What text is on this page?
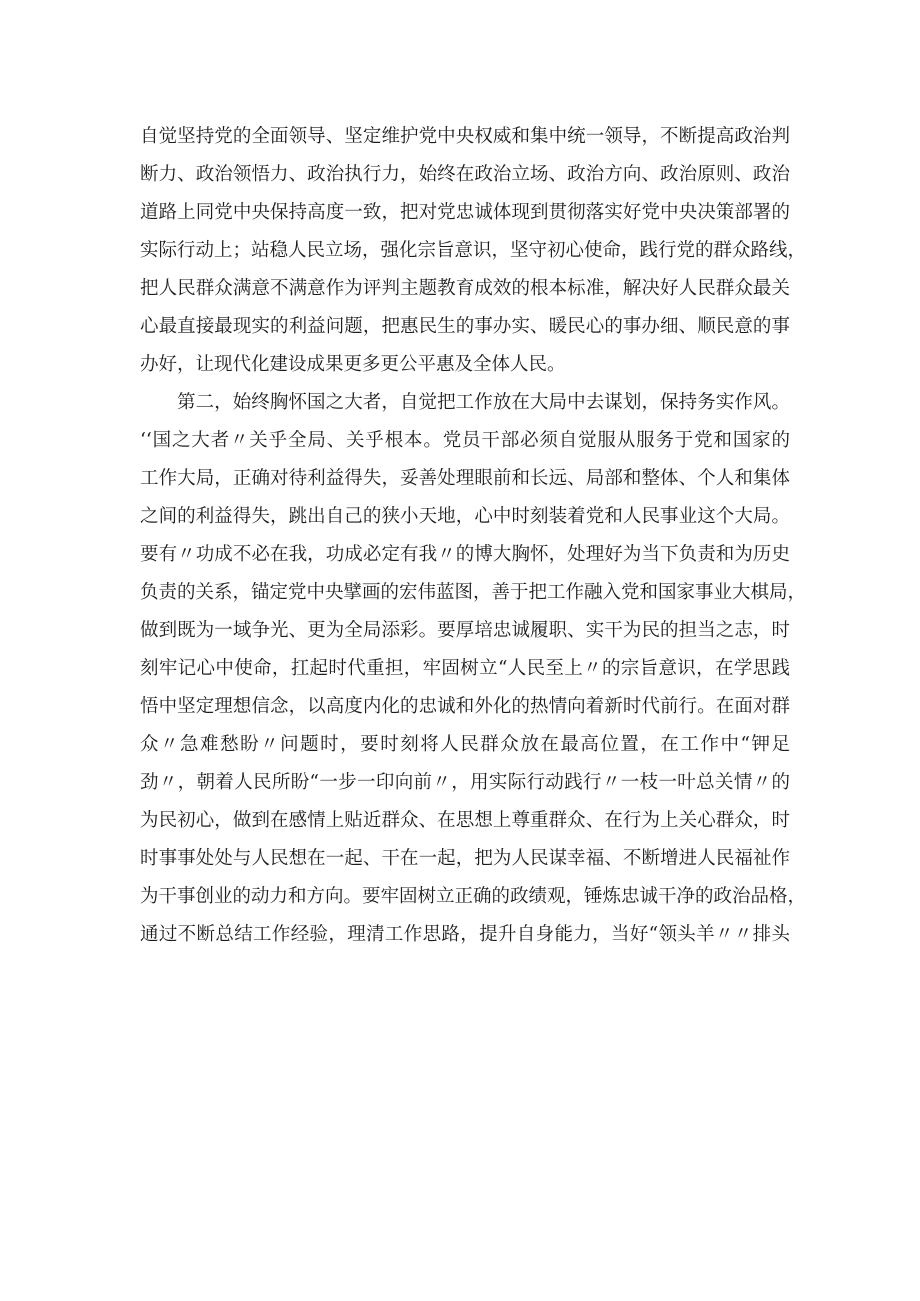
自觉坚持党的全面领导、坚定维护党中央权威和集中统一领导，不断提高政治判
断力、政治领悟力、政治执行力，始终在政治立场、政治方向、政治原则、政治
道路上同党中央保持高度一致，把对党忠诚体现到贯彻落实好党中央决策部署的
实际行动上；站稳人民立场，强化宗旨意识，坚守初心使命，践行党的群众路线，
把人民群众满意不满意作为评判主题教育成效的根本标准，解决好人民群众最关
心最直接最现实的利益问题，把惠民生的事办实、暖民心的事办细、顺民意的事
办好，让现代化建设成果更多更公平惠及全体人民。
第二，始终胸怀国之大者，自觉把工作放在大局中去谋划，保持务实作风。
‘‘国之大者〃关乎全局、关乎根本。党员干部必须自觉服从服务于党和国家的
工作大局，正确对待利益得失，妥善处理眼前和长远、局部和整体、个人和集体
之间的利益得失，跳出自己的狭小天地，心中时刻装着党和人民事业这个大局。
要有〃功成不必在我，功成必定有我〃的博大胸怀，处理好为当下负责和为历史
负责的关系，锚定党中央擘画的宏伟蓝图，善于把工作融入党和国家事业大棋局，
做到既为一域争光、更为全局添彩。要厚培忠诚履职、实干为民的担当之志，时
刻牢记心中使命，扛起时代重担，牢固树立“人民至上〃的宗旨意识，在学思践
悟中坚定理想信念，以高度内化的忠诚和外化的热情向着新时代前行。在面对群
众〃急难愁盼〃问题时，要时刻将人民群众放在最高位置，在工作中“钾足
劲〃，朝着人民所盼“一步一印向前〃，用实际行动践行〃一枝一叶总关情〃的
为民初心，做到在感情上贴近群众、在思想上尊重群众、在行为上关心群众，时
时事事处处与人民想在一起、干在一起，把为人民谋幸福、不断增进人民福祉作
为干事创业的动力和方向。要牢固树立正确的政绩观，锤炼忠诚干净的政治品格，
通过不断总结工作经验，理清工作思路，提升自身能力，当好“领头羊〃〃排头
